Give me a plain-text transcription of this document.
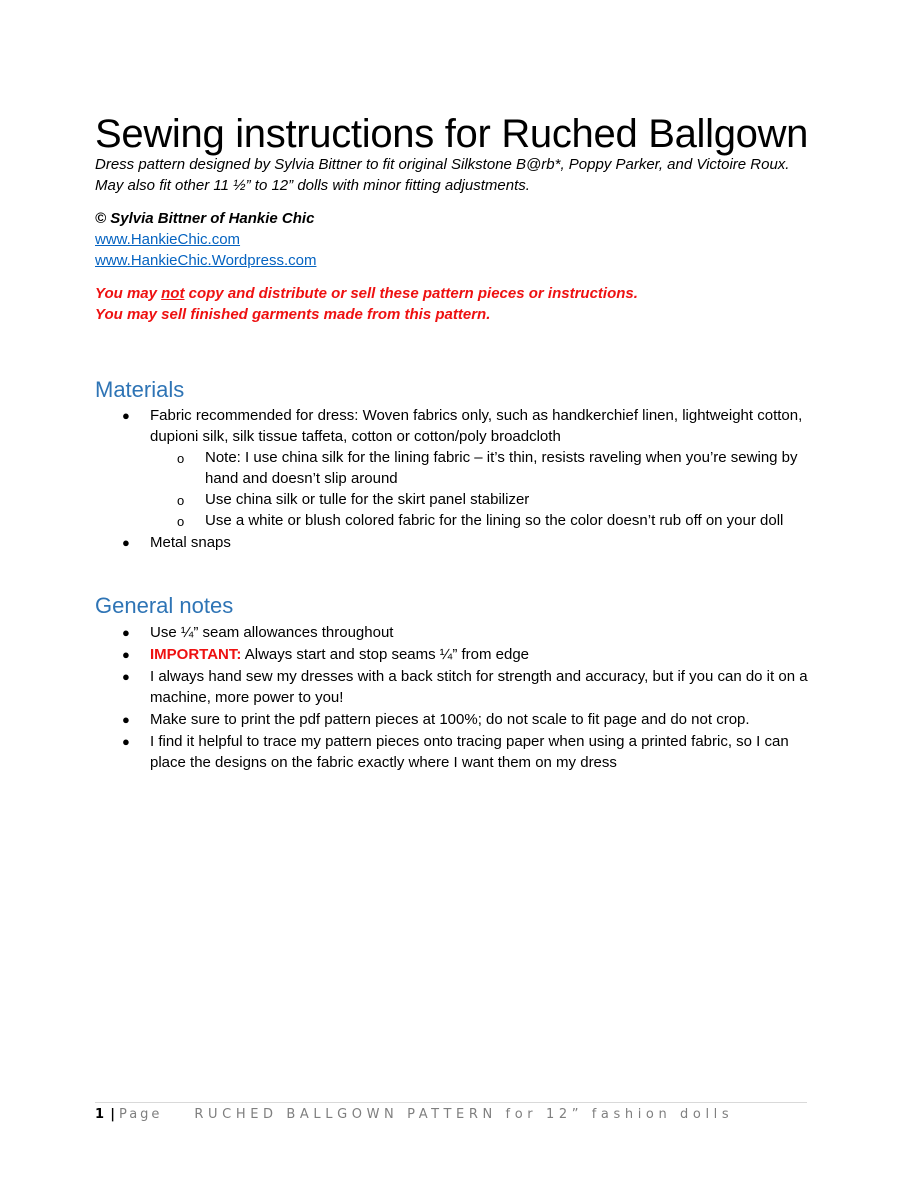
Sewing instructions for Ruched Ballgown

Dress pattern designed by Sylvia Bittner to fit original Silkstone B@rb*, Poppy Parker, and Victoire Roux. May also fit other 11 ½” to 12” dolls with minor fitting adjustments.

© Sylvia Bittner of Hankie Chic

www.HankieChic.com
www.HankieChic.Wordpress.com

You may not copy and distribute or sell these pattern pieces or instructions.

You may sell finished garments made from this pattern.

Materials
● Fabric recommended for dress: Woven fabrics only, such as handkerchief linen, lightweight cotton, dupioni silk, silk tissue taffeta, cotton or cotton/poly broadcloth
o Note: I use china silk for the lining fabric – it’s thin, resists raveling when you’re sewing by hand and doesn’t slip around
o Use china silk or tulle for the skirt panel stabilizer
o Use a white or blush colored fabric for the lining so the color doesn’t rub off on your doll
● Metal snaps
General notes
● Use ¼” seam allowances throughout
● IMPORTANT: Always start and stop seams ¼” from edge
● I always hand sew my dresses with a back stitch for strength and accuracy, but if you can do it on a machine, more power to you!
● Make sure to print the pdf pattern pieces at 100%; do not scale to fit page and do not crop.
● I find it helpful to trace my pattern pieces onto tracing paper when using a printed fabric, so I can place the designs on the fabric exactly where I want them on my dress

1 | Page RUCHED BALLGOWN PATTERN for 12” fashion dolls
